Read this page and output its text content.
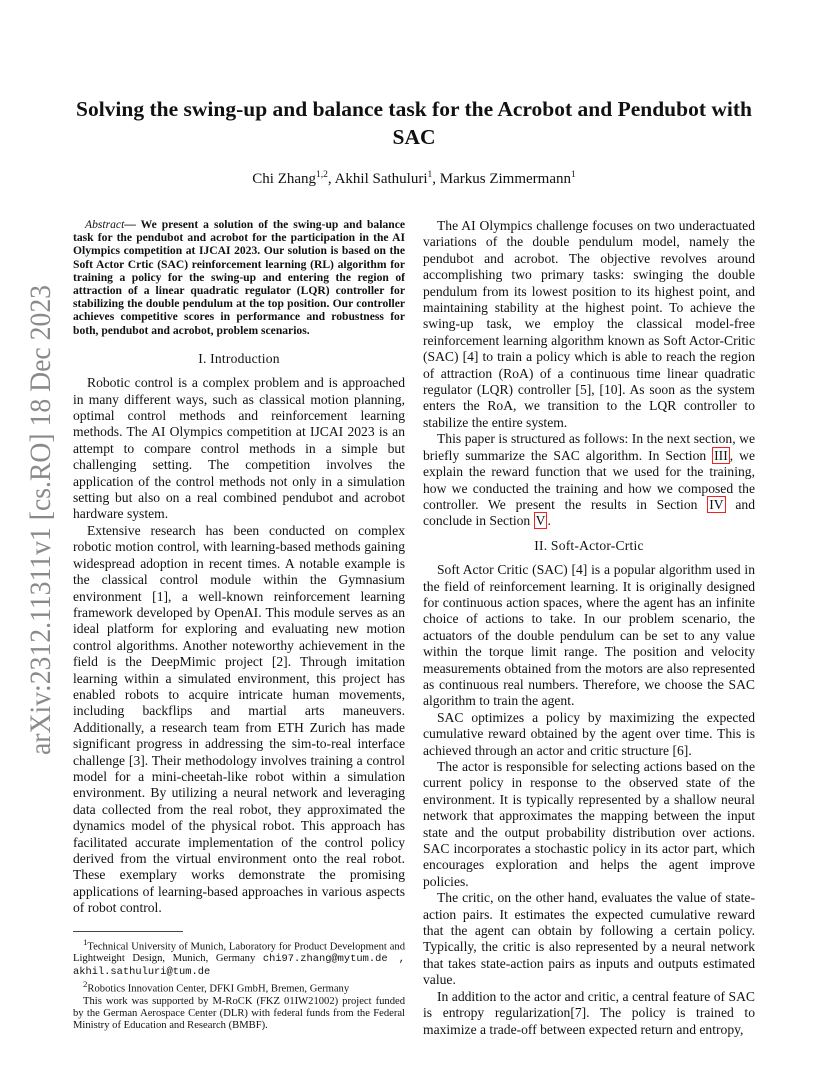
arXiv:2312.11311v1 [cs.RO] 18 Dec 2023
Solving the swing-up and balance task for the Acrobot and Pendubot with SAC
Chi Zhang$^{1,2}$, Akhil Sathuluri$^1$, Markus Zimmermann$^1$

Abstract— We present a solution of the swing-up and balance task for the pendubot and acrobot for the participation in the AI Olympics competition at IJCAI 2023. Our solution is based on the Soft Actor Crtic (SAC) reinforcement learning (RL) algorithm for training a policy for the swing-up and entering the region of attraction of a linear quadratic regulator (LQR) controller for stabilizing the double pendulum at the top position. Our controller achieves competitive scores in performance and robustness for both, pendubot and acrobot, problem scenarios.

I. Introduction

Robotic control is a complex problem and is approached in many different ways, such as classical motion planning, optimal control methods and reinforcement learning methods. The AI Olympics competition at IJCAI 2023 is an attempt to compare control methods in a simple but challenging setting. The competition involves the application of the control methods not only in a simulation setting but also on a real combined pendubot and acrobot hardware system.

Extensive research has been conducted on complex robotic motion control, with learning-based methods gaining widespread adoption in recent times. A notable example is the classical control module within the Gymnasium environment [1], a well-known reinforcement learning framework developed by OpenAI. This module serves as an ideal platform for exploring and evaluating new motion control algorithms. Another noteworthy achievement in the field is the DeepMimic project [2]. Through imitation learning within a simulated environment, this project has enabled robots to acquire intricate human movements, including backflips and martial arts maneuvers. Additionally, a research team from ETH Zurich has made significant progress in addressing the sim-to-real interface challenge [3]. Their methodology involves training a control model for a mini-cheetah-like robot within a simulation environment. By utilizing a neural network and leveraging data collected from the real robot, they approximated the dynamics model of the physical robot. This approach has facilitated accurate implementation of the control policy derived from the virtual environment onto the real robot. These exemplary works demonstrate the promising applications of learning-based approaches in various aspects of robot control.

$^1$Technical University of Munich, Laboratory for Product Development and Lightweight Design, Munich, Germany chi97.zhang@mytum.de , akhil.sathuluri@tum.de

$^2$Robotics Innovation Center, DFKI GmbH, Bremen, Germany

This work was supported by M-RoCK (FKZ 01IW21002) project funded by the German Aerospace Center (DLR) with federal funds from the Federal Ministry of Education and Research (BMBF).

The AI Olympics challenge focuses on two underactuated variations of the double pendulum model, namely the pendubot and acrobot. The objective revolves around accomplishing two primary tasks: swinging the double pendulum from its lowest position to its highest point, and maintaining stability at the highest point. To achieve the swing-up task, we employ the classical model-free reinforcement learning algorithm known as Soft Actor-Critic (SAC) [4] to train a policy which is able to reach the region of attraction (RoA) of a continuous time linear quadratic regulator (LQR) controller [5], [10]. As soon as the system enters the RoA, we transition to the LQR controller to stabilize the entire system.

This paper is structured as follows: In the next section, we briefly summarize the SAC algorithm. In Section III , we explain the reward function that we used for the training, how we conducted the training and how we composed the controller. We present the results in Section IV and conclude in Section V .

II. Soft-Actor-Crtic

Soft Actor Critic (SAC) [4] is a popular algorithm used in the field of reinforcement learning. It is originally designed for continuous action spaces, where the agent has an infinite choice of actions to take. In our problem scenario, the actuators of the double pendulum can be set to any value within the torque limit range. The position and velocity measurements obtained from the motors are also represented as continuous real numbers. Therefore, we choose the SAC algorithm to train the agent.

SAC optimizes a policy by maximizing the expected cumulative reward obtained by the agent over time. This is achieved through an actor and critic structure [6].

The actor is responsible for selecting actions based on the current policy in response to the observed state of the environment. It is typically represented by a shallow neural network that approximates the mapping between the input state and the output probability distribution over actions. SAC incorporates a stochastic policy in its actor part, which encourages exploration and helps the agent improve policies.

The critic, on the other hand, evaluates the value of state-action pairs. It estimates the expected cumulative reward that the agent can obtain by following a certain policy. Typically, the critic is also represented by a neural network that takes state-action pairs as inputs and outputs estimated value.

In addition to the actor and critic, a central feature of SAC is entropy regularization[7]. The policy is trained to maximize a trade-off between expected return and entropy,
